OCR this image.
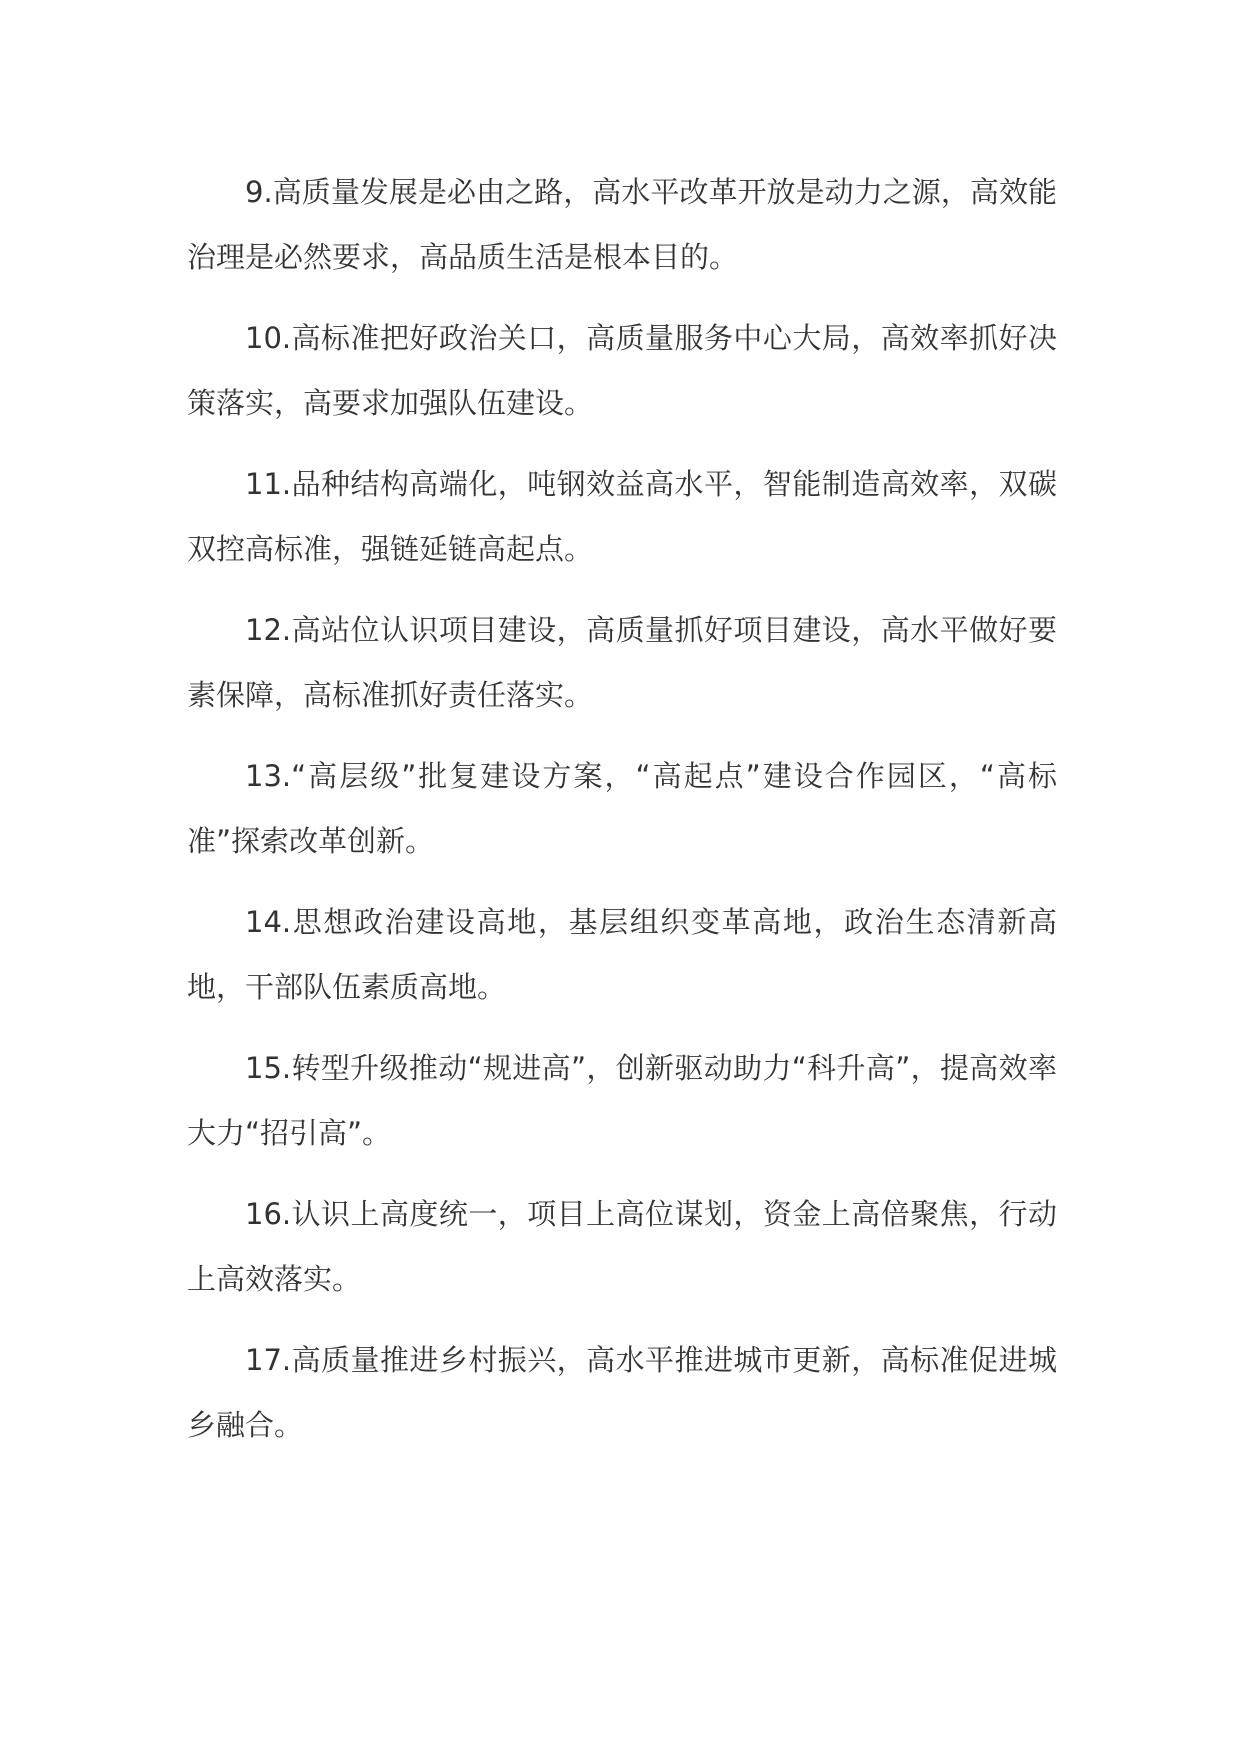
9.高质量发展是必由之路，高水平改革开放是动力之源，高效能治理是必然要求，高品质生活是根本目的。

10.高标准把好政治关口，高质量服务中心大局，高效率抓好决策落实，高要求加强队伍建设。

11.品种结构高端化，吨钢效益高水平，智能制造高效率，双碳双控高标准，强链延链高起点。

12.高站位认识项目建设，高质量抓好项目建设，高水平做好要素保障，高标准抓好责任落实。

13.“高层级”批复建设方案，“高起点”建设合作园区，“高标准”探索改革创新。

14.思想政治建设高地，基层组织变革高地，政治生态清新高地，干部队伍素质高地。

15.转型升级推动“规进高”，创新驱动助力“科升高”，提高效率大力“招引高”。

16.认识上高度统一，项目上高位谋划，资金上高倍聚焦，行动上高效落实。

17.高质量推进乡村振兴，高水平推进城市更新，高标准促进城乡融合。
